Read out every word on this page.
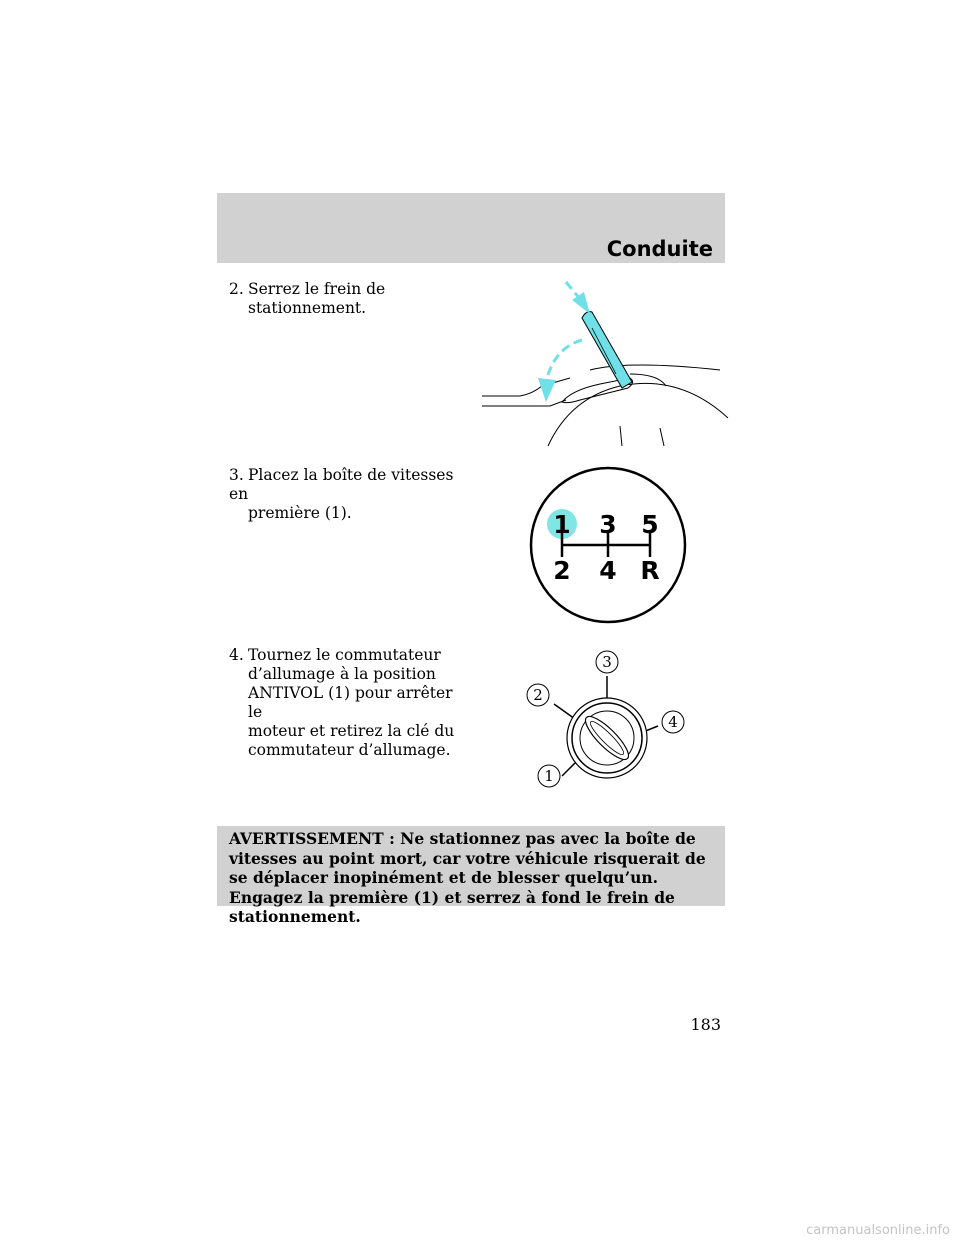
Conduite
2. Serrez le frein de
stationnement.
3. Placez la boîte de vitesses en
première (1).
4. Tournez le commutateur
d’allumage à la position
ANTIVOL (1) pour arrêter le
moteur et retirez la clé du
commutateur d’allumage.
1 3 5
2 4 R
1
2
3
4
AVERTISSEMENT : Ne stationnez pas avec la boîte de vitesses au point mort, car votre véhicule risquerait de se déplacer inopinément et de blesser quelqu’un. Engagez la première (1) et serrez à fond le frein de stationnement.
183
carmanualsonline.info
